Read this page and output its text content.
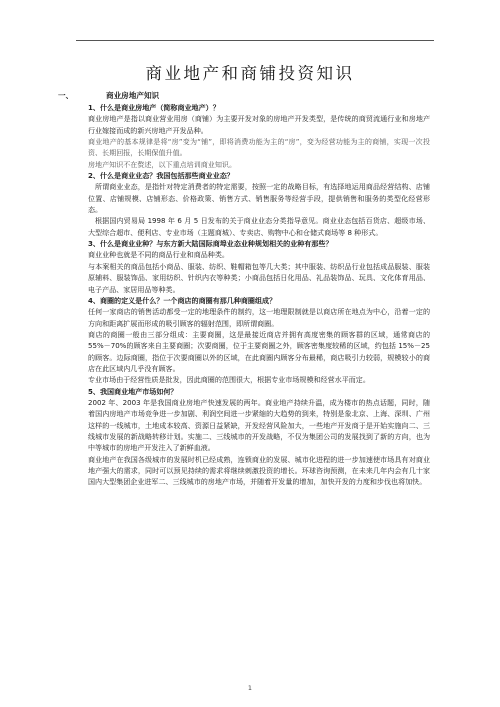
商业地产和商铺投资知识
一、	商业房地产知识

1、什么是商业房地产（简称商业地产）？

商业房地产是指以商业营业用房（商铺）为主要开发对象的房地产开发类型，是传统的商贸流通行业和房地产行业嫁接而成的新兴房地产开发品种。

商业地产的基本规律是将“房”变为“铺”，即将消费功能为主的“房”，变为经营功能为主的商铺，实现一次投资、长期回报，长期保值升值。

房地产知识不在赘述，以下重点培训商业知识。

2、什么是商业业态？我国包括那些商业业态？

所谓商业业态，是指针对特定消费者的特定需要，按照一定的战略目标，有选择地运用商品经营结构、店铺位置、店铺规模、店铺形态、价格政策、销售方式、销售服务等经营手段，提供销售和服务的类型化经营形态。

根据国内贸易局 1998 年 6 月 5 日发布的关于商业业态分类指导意见。商业业态包括百货店、超级市场、大型综合超市、便利店、专业市场（主题商城）、专卖店、购物中心和仓储式商场等 8 种形式。

3、什么是商业业种？与东方新大陆国际商埠业态业种规划相关的业种有那些？

商业业种也就是不同的商品行业和商品种类。

与本案相关的商品包括小商品、服装、纺织、鞋帽箱包等几大类；其中服装、纺织品行业包括成品服装、服装原辅料、服装饰品、家用纺织、针织内衣等种类；小商品包括日化用品、礼品装饰品、玩具、文化体育用品、电子产品、家居用品等种类。

4、商圈的定义是什么？一个商店的商圈有那几种商圈组成？

任何一家商店的销售活动都受一定的地理条件的制约，这一地理限制就是以商店所在地点为中心，沿着一定的方向和距离扩展而形成的吸引顾客的辐射范围，即所谓商圈。

商店的商圈一般由三部分组成：主要商圈，这是最接近商店并拥有高度密集的顾客群的区域，通常商店的 55%－70%的顾客来自主要商圈；次要商圈，位于主要商圈之外，顾客密集度较稀的区域，约包括 15%－25 的顾客。边际商圈，指位于次要商圈以外的区域，在此商圈内顾客分布最稀，商店吸引力较弱，规模较小的商店在此区域内几乎没有顾客。

专业市场由于经营性质是批发，因此商圈的范围很大，根据专业市场规模和经营水平而定。

5、我国商业地产市场如何？

2002 年、2003 年是我国商业房地产快速发展的两年。商业地产持续升温，成为楼市的热点话题，同时，随着国内房地产市场竞争进一步加剧、利润空间进一步紧缩的大趋势的到来，特别是象北京、上海、深圳、广州这样的一线城市，土地成本较高、资源日益紧缺，开发经营风险加大，一些地产开发商于是开始实施向二、三线城市发展的新战略转移计划。实施二、三线城市的开发战略，不仅为集团公司的发展找到了新的方向，也为中等城市的房地产开发注入了新鲜血液。

商业地产在我国各级城市的发展时机已经成熟，连锁商业的发展、城市化进程的进一步加速使市场具有对商业地产强大的需求，同时可以预见持续的需求将继续刺激投资的增长。环球咨询预测，在未来几年内会有几十家国内大型集团企业进军二、三线城市的房地产市场，并随着开发量的增加，加快开发的力度和步伐也将加快。

1
